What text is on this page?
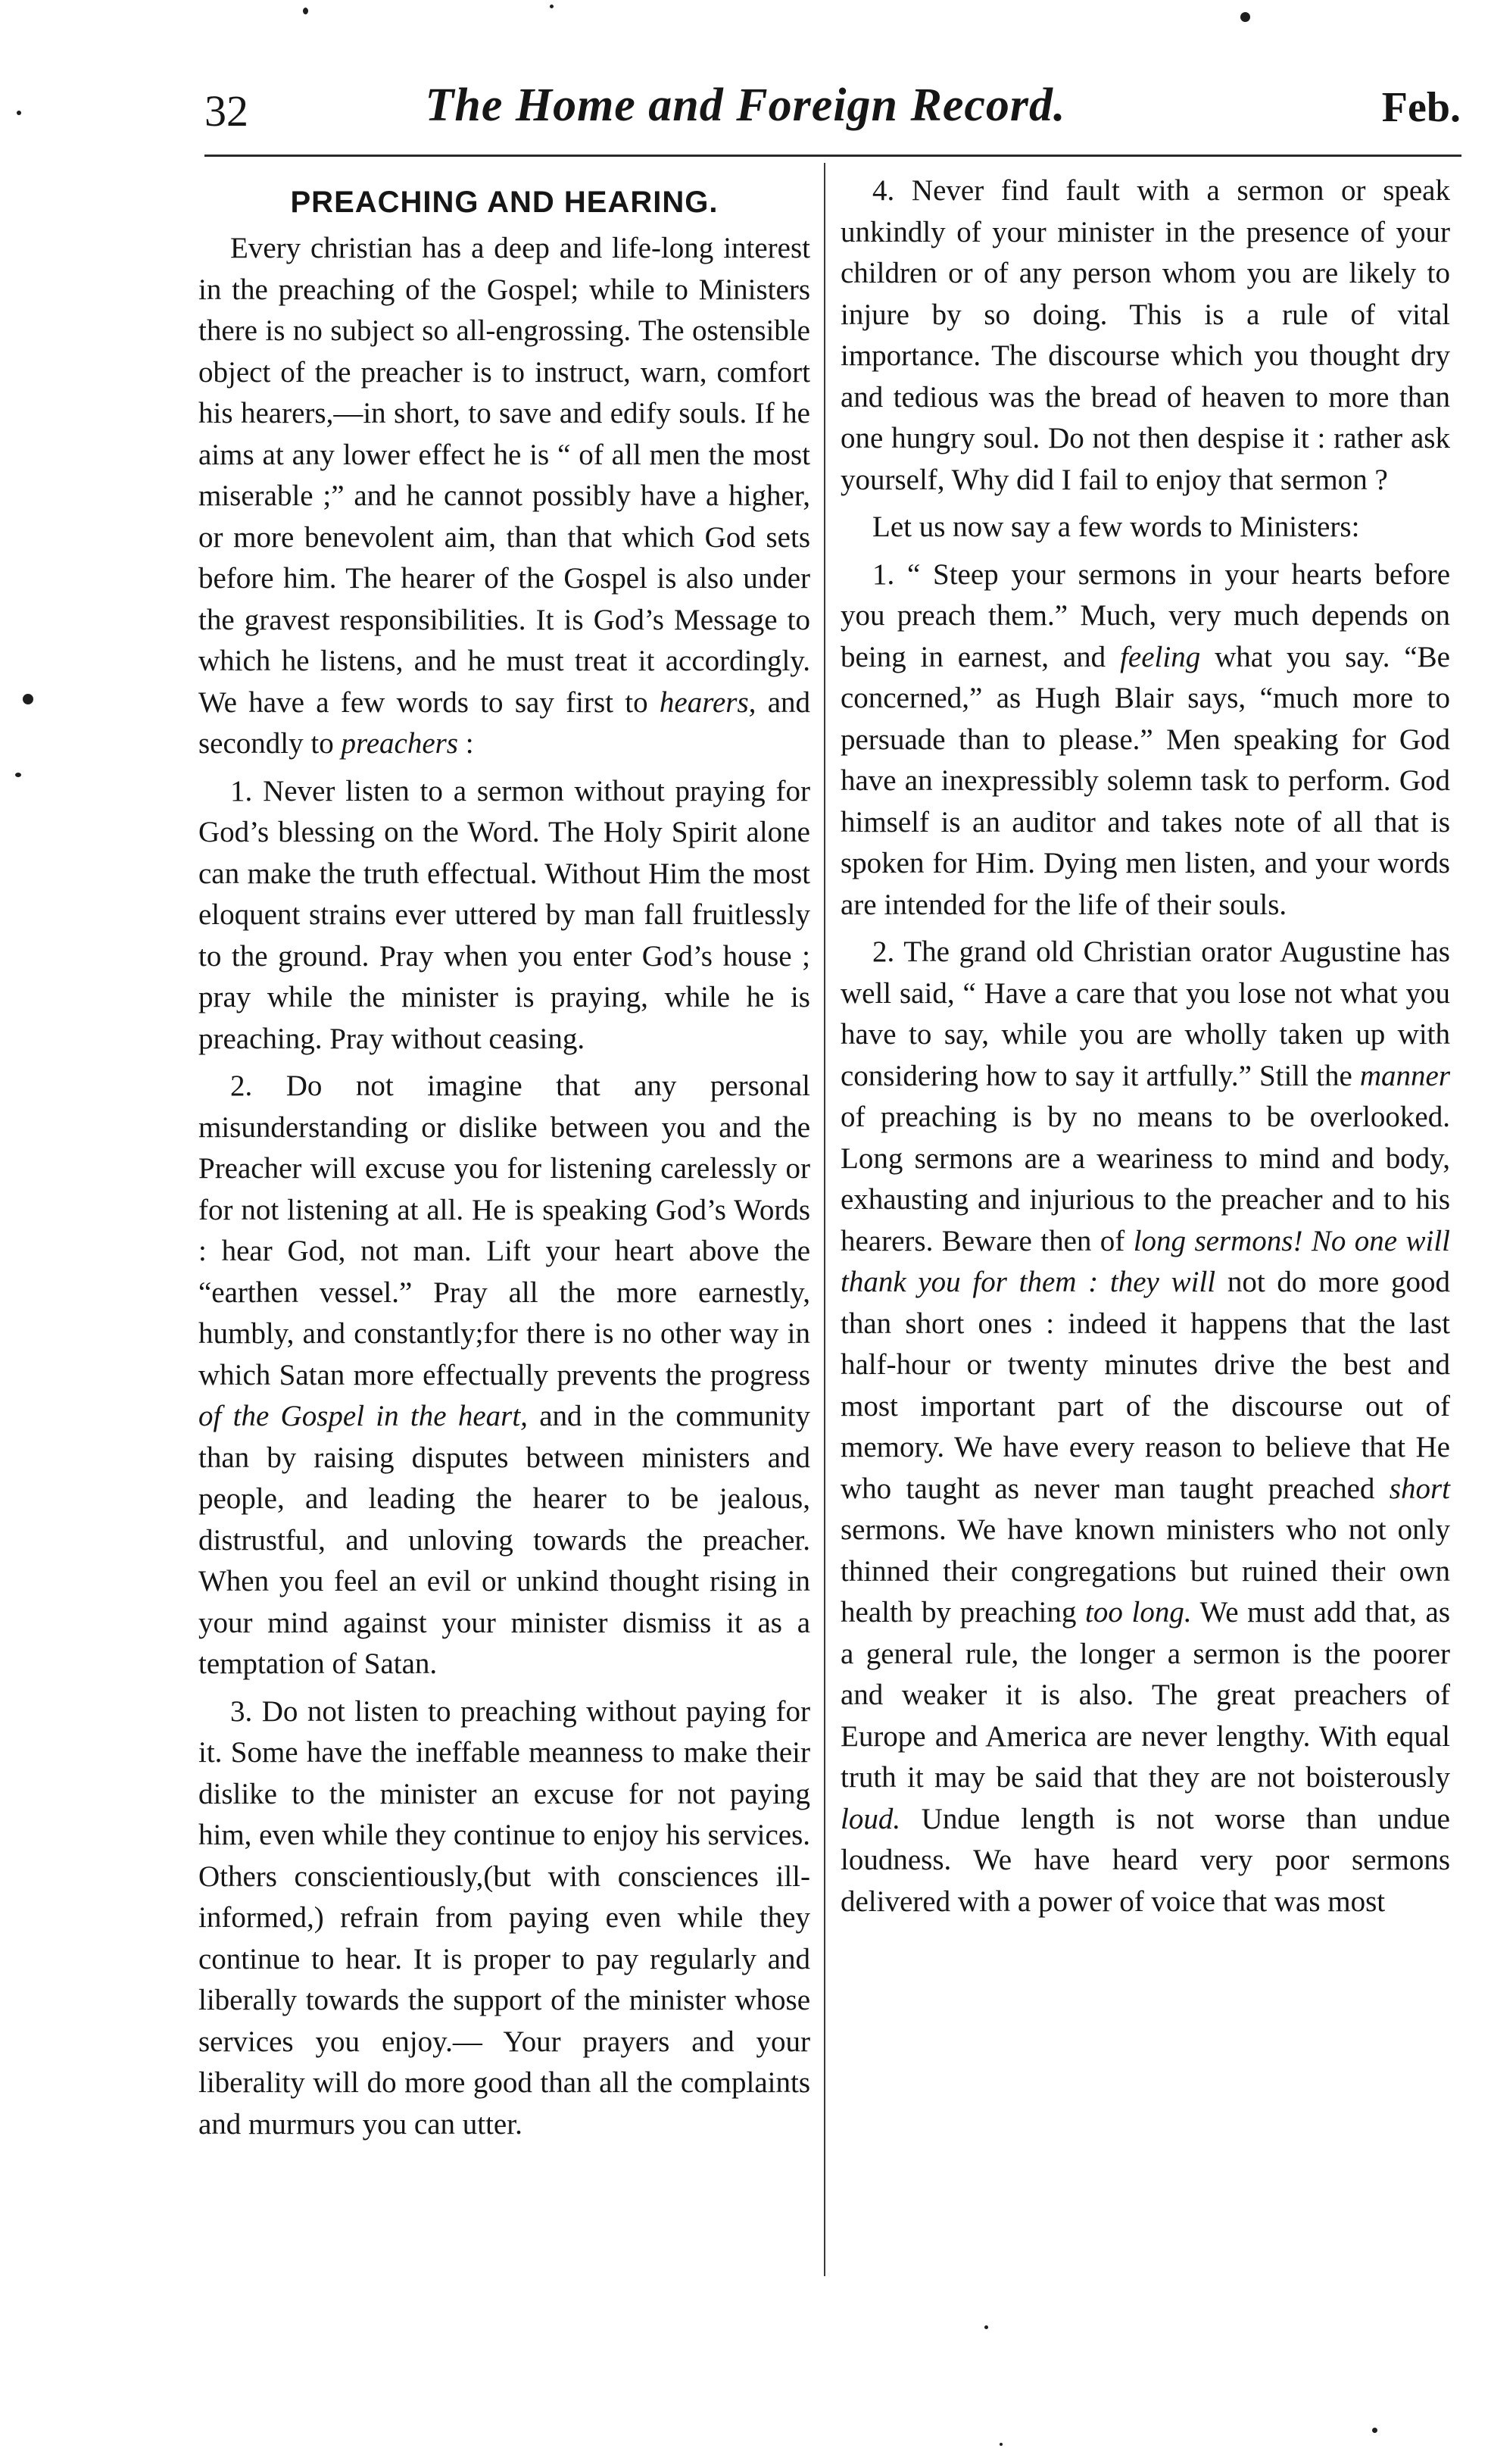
32	The Home and Foreign Record.	Feb.
PREACHING AND HEARING.

Every christian has a deep and life-long interest in the preaching of the Gospel; while to Ministers there is no subject so all-engrossing. The ostensible object of the preacher is to instruct, warn, comfort his hearers,—in short, to save and edify souls. If he aims at any lower effect he is “ of all men the most miserable ;” and he cannot possibly have a higher, or more benevolent aim, than that which God sets before him. The hearer of the Gospel is also under the gravest responsibilities. It is God’s Message to which he listens, and he must treat it accordingly. We have a few words to say first to hearers, and secondly to preachers :

1. Never listen to a sermon without praying for God’s blessing on the Word. The Holy Spirit alone can make the truth effectual. Without Him the most eloquent strains ever uttered by man fall fruitlessly to the ground. Pray when you enter God’s house ; pray while the minister is praying, while he is preaching. Pray without ceasing.

2. Do not imagine that any personal misunderstanding or dislike between you and the Preacher will excuse you for listening carelessly or for not listening at all. He is speaking God’s Words : hear God, not man. Lift your heart above the “earthen vessel.” Pray all the more earnestly, humbly, and constantly;for there is no other way in which Satan more effectually prevents the progress of the Gospel in the heart, and in the community than by raising disputes between ministers and people, and leading the hearer to be jealous, distrustful, and unloving towards the preacher. When you feel an evil or unkind thought rising in your mind against your minister dismiss it as a temptation of Satan.

3. Do not listen to preaching without paying for it. Some have the ineffable meanness to make their dislike to the minister an excuse for not paying him, even while they continue to enjoy his services. Others conscientiously,(but with consciences ill-informed,) refrain from paying even while they continue to hear. It is proper to pay regularly and liberally towards the support of the minister whose services you enjoy.— Your prayers and your liberality will do more good than all the complaints and murmurs you can utter.

4. Never find fault with a sermon or speak unkindly of your minister in the presence of your children or of any person whom you are likely to injure by so doing. This is a rule of vital importance. The discourse which you thought dry and tedious was the bread of heaven to more than one hungry soul. Do not then despise it : rather ask yourself, Why did I fail to enjoy that sermon ?

Let us now say a few words to Ministers:

1. “ Steep your sermons in your hearts before you preach them.” Much, very much depends on being in earnest, and feeling what you say. “Be concerned,” as Hugh Blair says, “much more to persuade than to please.” Men speaking for God have an inexpressibly solemn task to perform. God himself is an auditor and takes note of all that is spoken for Him. Dying men listen, and your words are intended for the life of their souls.

2. The grand old Christian orator Augustine has well said, “ Have a care that you lose not what you have to say, while you are wholly taken up with considering how to say it artfully.” Still the manner of preaching is by no means to be overlooked. Long sermons are a weariness to mind and body, exhausting and injurious to the preacher and to his hearers. Beware then of long sermons! No one will thank you for them : they will not do more good than short ones : indeed it happens that the last half-hour or twenty minutes drive the best and most important part of the discourse out of memory. We have every reason to believe that He who taught as never man taught preached short sermons. We have known ministers who not only thinned their congregations but ruined their own health by preaching too long. We must add that, as a general rule, the longer a sermon is the poorer and weaker it is also. The great preachers of Europe and America are never lengthy. With equal truth it may be said that they are not boisterously loud. Undue length is not worse than undue loudness. We have heard very poor sermons delivered with a power of voice that was most
